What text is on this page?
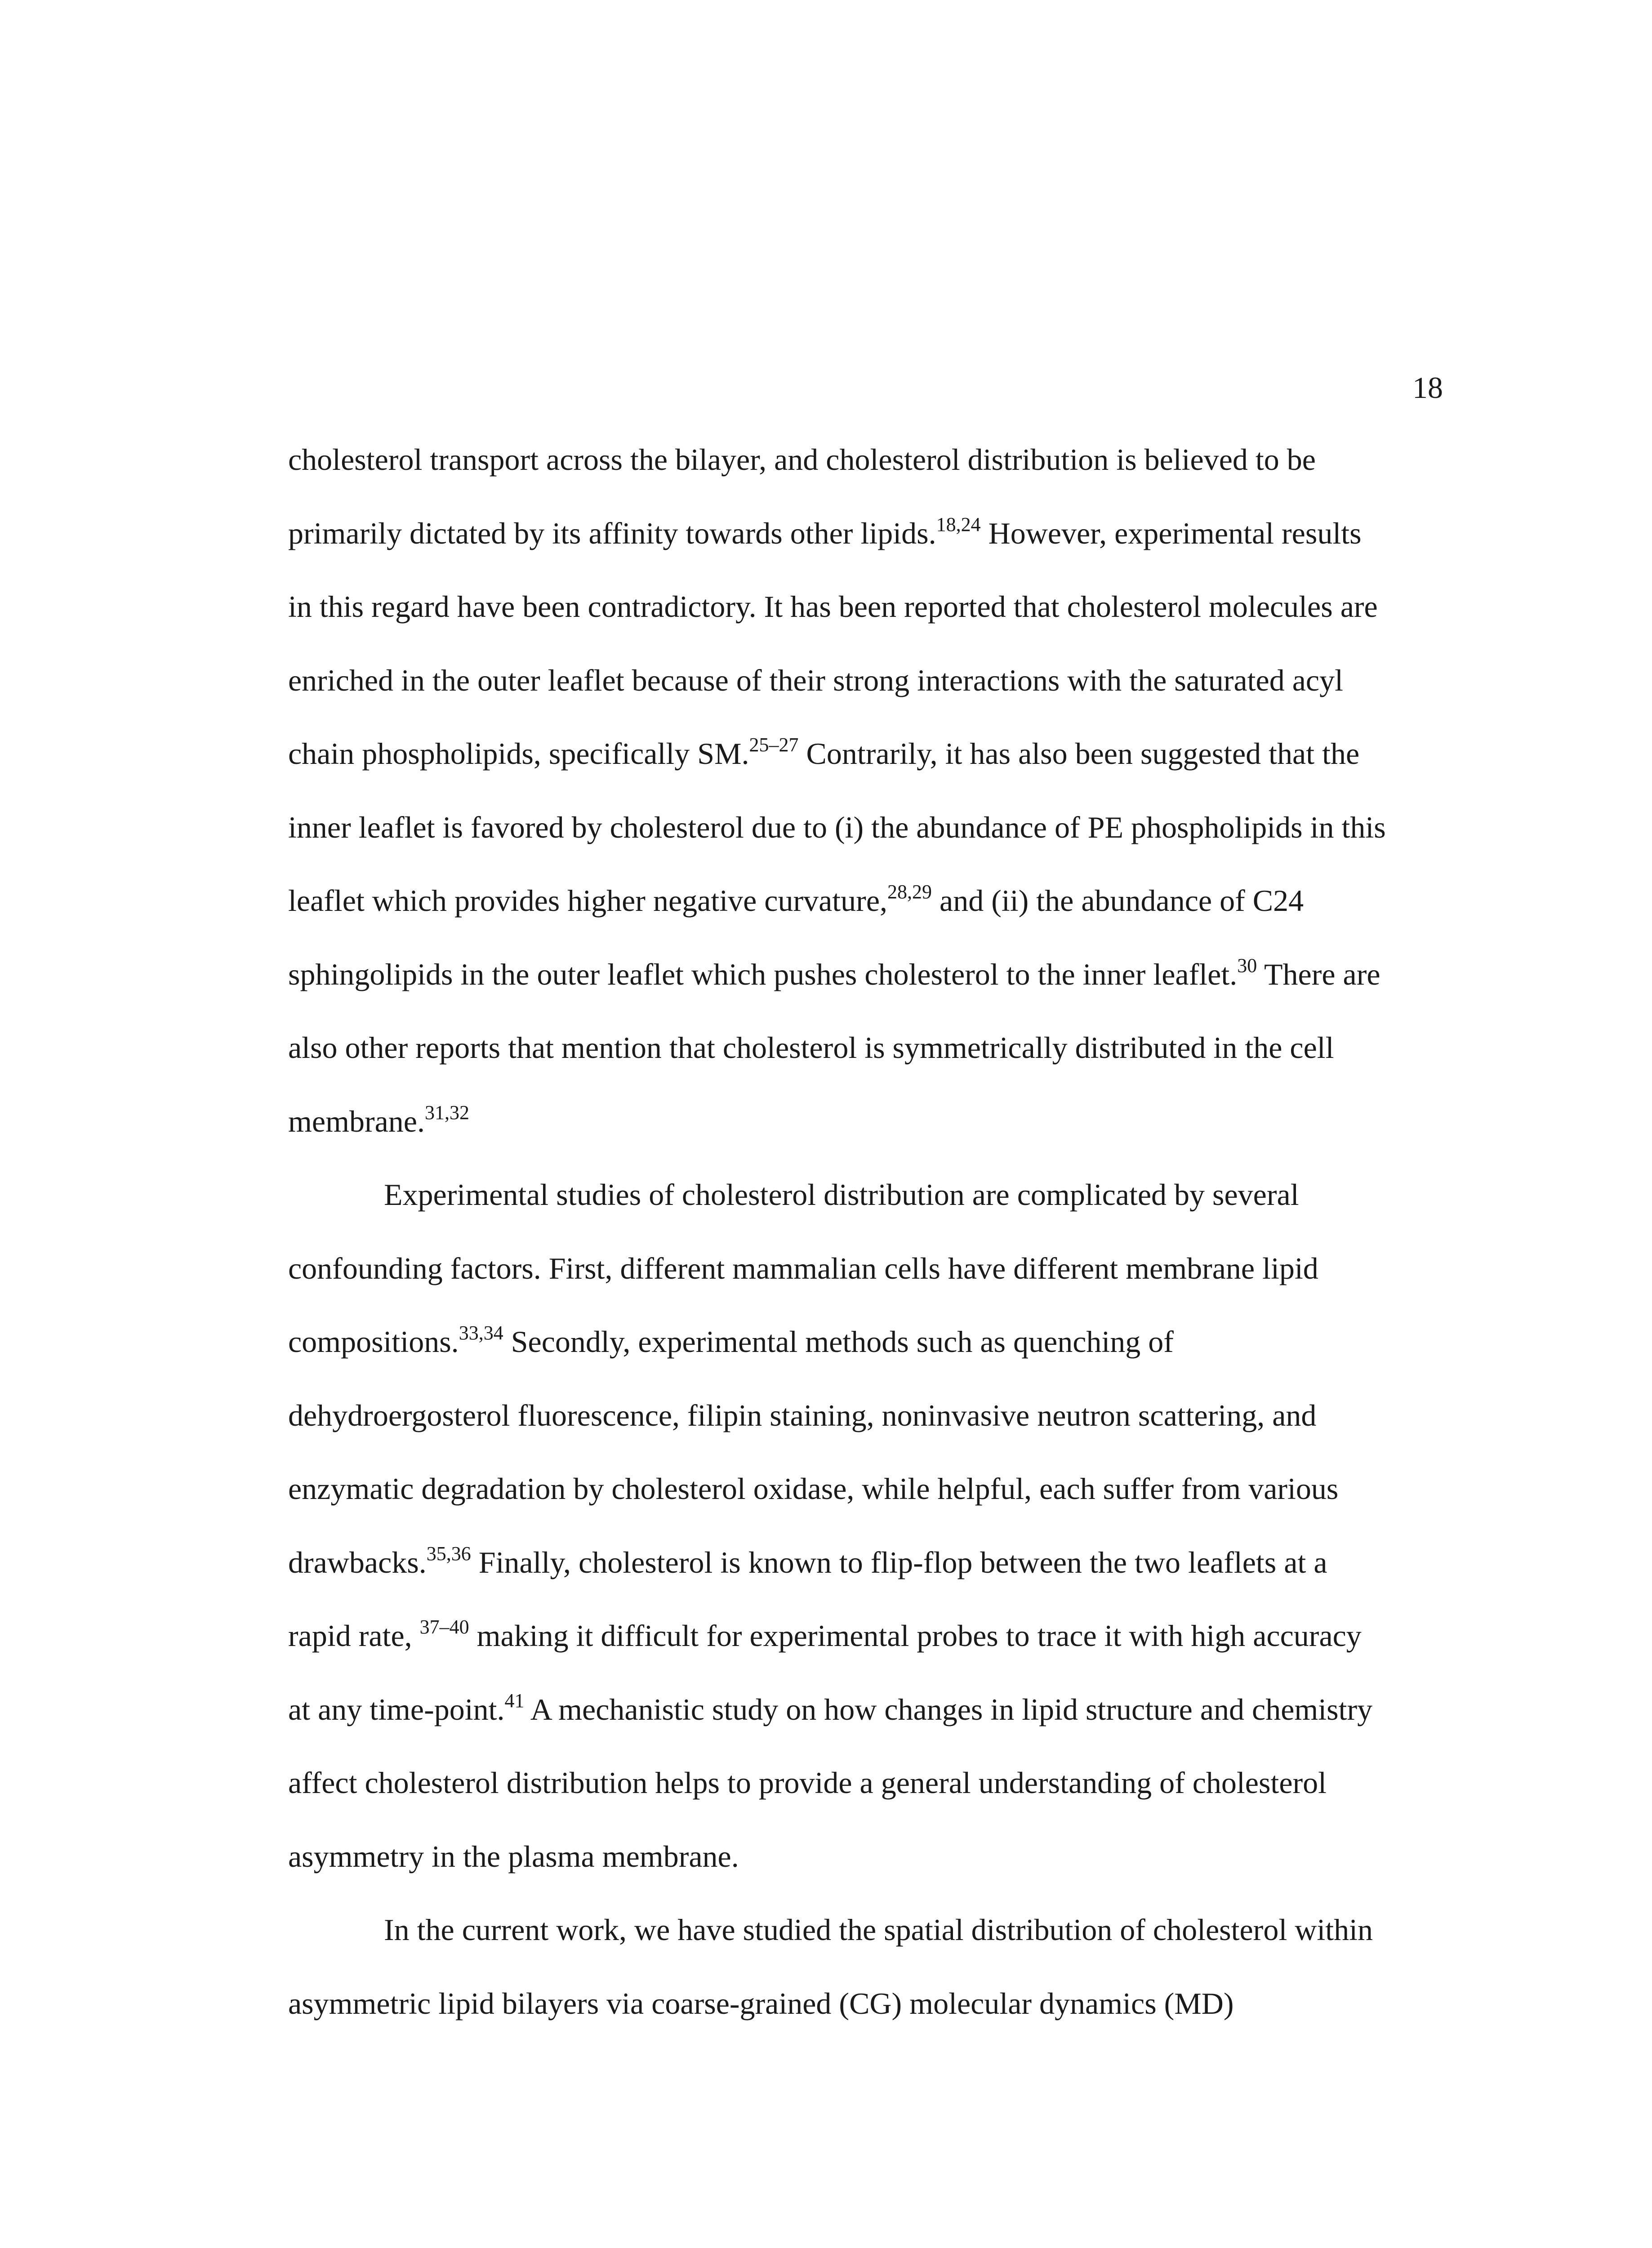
18
cholesterol transport across the bilayer, and cholesterol distribution is believed to be
primarily dictated by its affinity towards other lipids.$^{18,24}$ However, experimental results
in this regard have been contradictory. It has been reported that cholesterol molecules are
enriched in the outer leaflet because of their strong interactions with the saturated acyl
chain phospholipids, specifically SM.$^{25-27}$ Contrarily, it has also been suggested that the
inner leaflet is favored by cholesterol due to (i) the abundance of PE phospholipids in this
leaflet which provides higher negative curvature,$^{28,29}$ and (ii) the abundance of C24
sphingolipids in the outer leaflet which pushes cholesterol to the inner leaflet.$^{30}$ There are
also other reports that mention that cholesterol is symmetrically distributed in the cell
membrane.$^{31,32}$
Experimental studies of cholesterol distribution are complicated by several
confounding factors. First, different mammalian cells have different membrane lipid
compositions.$^{33,34}$ Secondly, experimental methods such as quenching of
dehydroergosterol fluorescence, filipin staining, noninvasive neutron scattering, and
enzymatic degradation by cholesterol oxidase, while helpful, each suffer from various
drawbacks.$^{35,36}$ Finally, cholesterol is known to flip-flop between the two leaflets at a
rapid rate, $^{37-40}$ making it difficult for experimental probes to trace it with high accuracy
at any time-point.$^{41}$ A mechanistic study on how changes in lipid structure and chemistry
affect cholesterol distribution helps to provide a general understanding of cholesterol
asymmetry in the plasma membrane.
In the current work, we have studied the spatial distribution of cholesterol within
asymmetric lipid bilayers via coarse-grained (CG) molecular dynamics (MD)
